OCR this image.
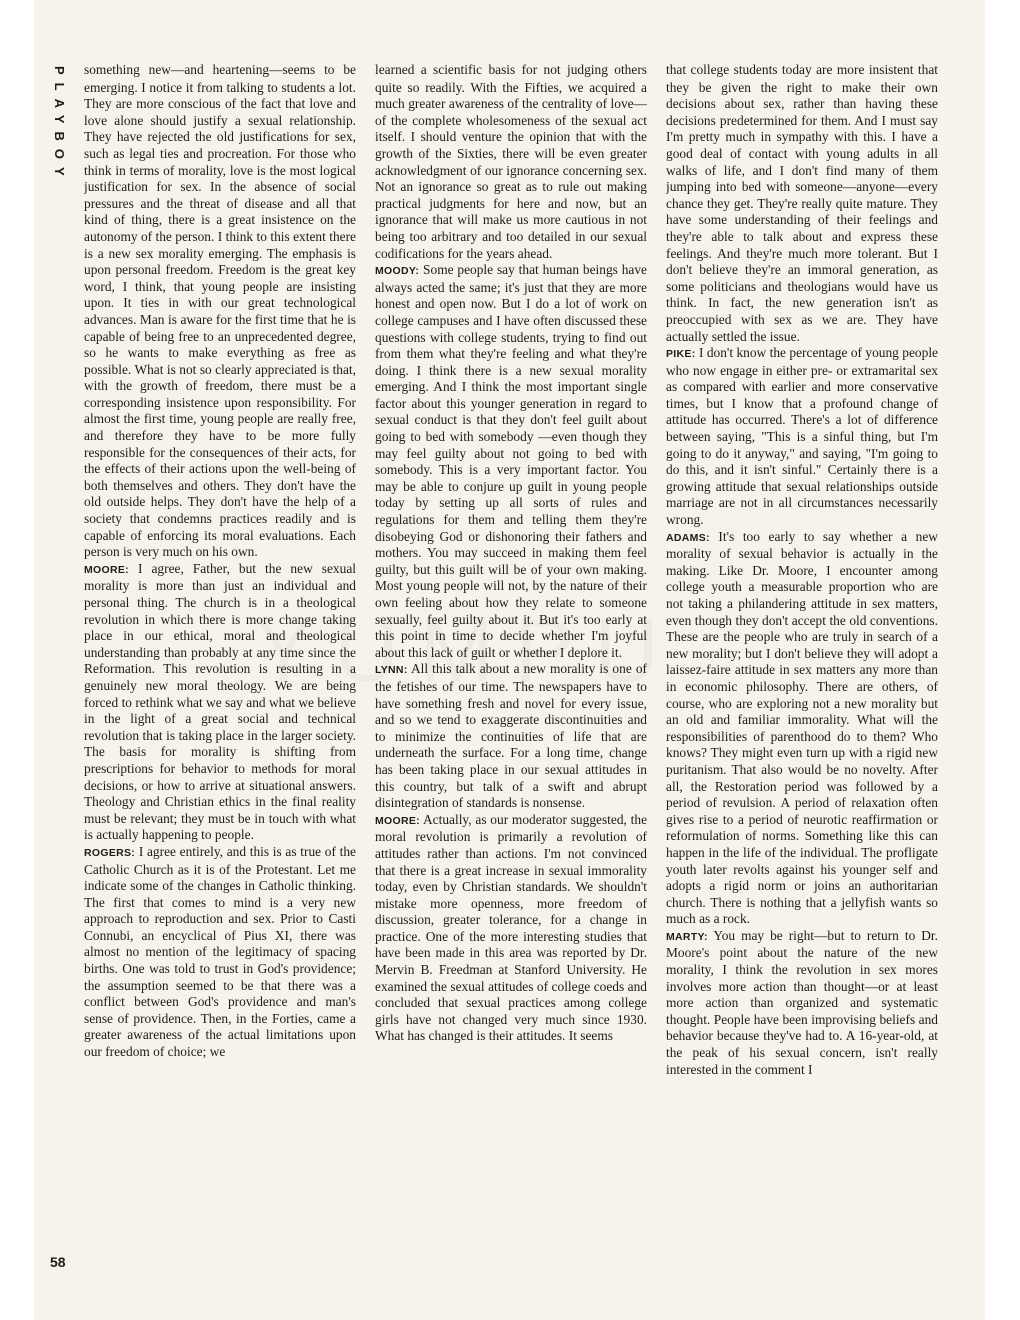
PLAYBOY something new—and heartening—seems to be emerging. I notice it from talking to students a lot. They are more conscious of the fact that love and love alone should justify a sexual relationship. They have rejected the old justifications for sex, such as legal ties and procreation. For those who think in terms of morality, love is the most logical justification for sex. In the absence of social pressures and the threat of disease and all that kind of thing, there is a great insistence on the autonomy of the person. I think to this extent there is a new sex morality emerging. The emphasis is upon personal freedom. Freedom is the great key word, I think, that young people are insisting upon. It ties in with our great technological advances. Man is aware for the first time that he is capable of being free to an unprecedented degree, so he wants to make everything as free as possible. What is not so clearly appreciated is that, with the growth of freedom, there must be a corresponding insistence upon responsibility. For almost the first time, young people are really free, and therefore they have to be more fully responsible for the consequences of their acts, for the effects of their actions upon the well-being of both themselves and others. They don't have the old outside helps. They don't have the help of a society that condemns practices readily and is capable of enforcing its moral evaluations. Each person is very much on his own.

MOORE: I agree, Father, but the new sexual morality is more than just an individual and personal thing. The church is in a theological revolution in which there is more change taking place in our ethical, moral and theological understanding than probably at any time since the Reformation. This revolution is resulting in a genuinely new moral theology. We are being forced to rethink what we say and what we believe in the light of a great social and technical revolution that is taking place in the larger society. The basis for morality is shifting from prescriptions for behavior to methods for moral decisions, or how to arrive at situational answers. Theology and Christian ethics in the final reality must be relevant; they must be in touch with what is actually happening to people.

ROGERS: I agree entirely, and this is as true of the Catholic Church as it is of the Protestant. Let me indicate some of the changes in Catholic thinking. The first that comes to mind is a very new approach to reproduction and sex. Prior to Casti Connubi, an encyclical of Pius XI, there was almost no mention of the legitimacy of spacing births. One was told to trust in God's providence; the assumption seemed to be that there was a conflict between God's providence and man's sense of providence. Then, in the Forties, came a greater awareness of the actual limitations upon our freedom of choice; we

learned a scientific basis for not judging others quite so readily. With the Fifties, we acquired a much greater awareness of the centrality of love—of the complete wholesomeness of the sexual act itself. I should venture the opinion that with the growth of the Sixties, there will be even greater acknowledgment of our ignorance concerning sex. Not an ignorance so great as to rule out making practical judgments for here and now, but an ignorance that will make us more cautious in not being too arbitrary and too detailed in our sexual codifications for the years ahead.

MOODY: Some people say that human beings have always acted the same; it's just that they are more honest and open now. But I do a lot of work on college campuses and I have often discussed these questions with college students, trying to find out from them what they're feeling and what they're doing. I think there is a new sexual morality emerging. And I think the most important single factor about this younger generation in regard to sexual conduct is that they don't feel guilt about going to bed with somebody —even though they may feel guilty about not going to bed with somebody. This is a very important factor. You may be able to conjure up guilt in young people today by setting up all sorts of rules and regulations for them and telling them they're disobeying God or dishonoring their fathers and mothers. You may succeed in making them feel guilty, but this guilt will be of your own making. Most young people will not, by the nature of their own feeling about how they relate to someone sexually, feel guilty about it. But it's too early at this point in time to decide whether I'm joyful about this lack of guilt or whether I deplore it.

LYNN: All this talk about a new morality is one of the fetishes of our time. The newspapers have to have something fresh and novel for every issue, and so we tend to exaggerate discontinuities and to minimize the continuities of life that are underneath the surface. For a long time, change has been taking place in our sexual attitudes in this country, but talk of a swift and abrupt disintegration of standards is nonsense.

MOORE: Actually, as our moderator suggested, the moral revolution is primarily a revolution of attitudes rather than actions. I'm not convinced that there is a great increase in sexual immorality today, even by Christian standards. We shouldn't mistake more openness, more freedom of discussion, greater tolerance, for a change in practice. One of the more interesting studies that have been made in this area was reported by Dr. Mervin B. Freedman at Stanford University. He examined the sexual attitudes of college coeds and concluded that sexual practices among college girls have not changed very much since 1930. What has changed is their attitudes. It seems

that college students today are more insistent that they be given the right to make their own decisions about sex, rather than having these decisions predetermined for them. And I must say I'm pretty much in sympathy with this. I have a good deal of contact with young adults in all walks of life, and I don't find many of them jumping into bed with someone—anyone—every chance they get. They're really quite mature. They have some understanding of their feelings and they're able to talk about and express these feelings. And they're much more tolerant. But I don't believe they're an immoral generation, as some politicians and theologians would have us think. In fact, the new generation isn't as preoccupied with sex as we are. They have actually settled the issue.

PIKE: I don't know the percentage of young people who now engage in either pre- or extramarital sex as compared with earlier and more conservative times, but I know that a profound change of attitude has occurred. There's a lot of difference between saying, "This is a sinful thing, but I'm going to do it anyway," and saying, "I'm going to do this, and it isn't sinful." Certainly there is a growing attitude that sexual relationships outside marriage are not in all circumstances necessarily wrong.

ADAMS: It's too early to say whether a new morality of sexual behavior is actually in the making. Like Dr. Moore, I encounter among college youth a measurable proportion who are not taking a philandering attitude in sex matters, even though they don't accept the old conventions. These are the people who are truly in search of a new morality; but I don't believe they will adopt a laissez-faire attitude in sex matters any more than in economic philosophy. There are others, of course, who are exploring not a new morality but an old and familiar immorality. What will the responsibilities of parenthood do to them? Who knows? They might even turn up with a rigid new puritanism. That also would be no novelty. After all, the Restoration period was followed by a period of revulsion. A period of relaxation often gives rise to a period of neurotic reaffirmation or reformulation of norms. Something like this can happen in the life of the individual. The profligate youth later revolts against his younger self and adopts a rigid norm or joins an authoritarian church. There is nothing that a jellyfish wants so much as a rock.

MARTY: You may be right—but to return to Dr. Moore's point about the nature of the new morality, I think the revolution in sex mores involves more action than thought—or at least more action than organized and systematic thought. People have been improvising beliefs and behavior because they've had to. A 16-year-old, at the peak of his sexual concern, isn't really interested in the comment I

58
